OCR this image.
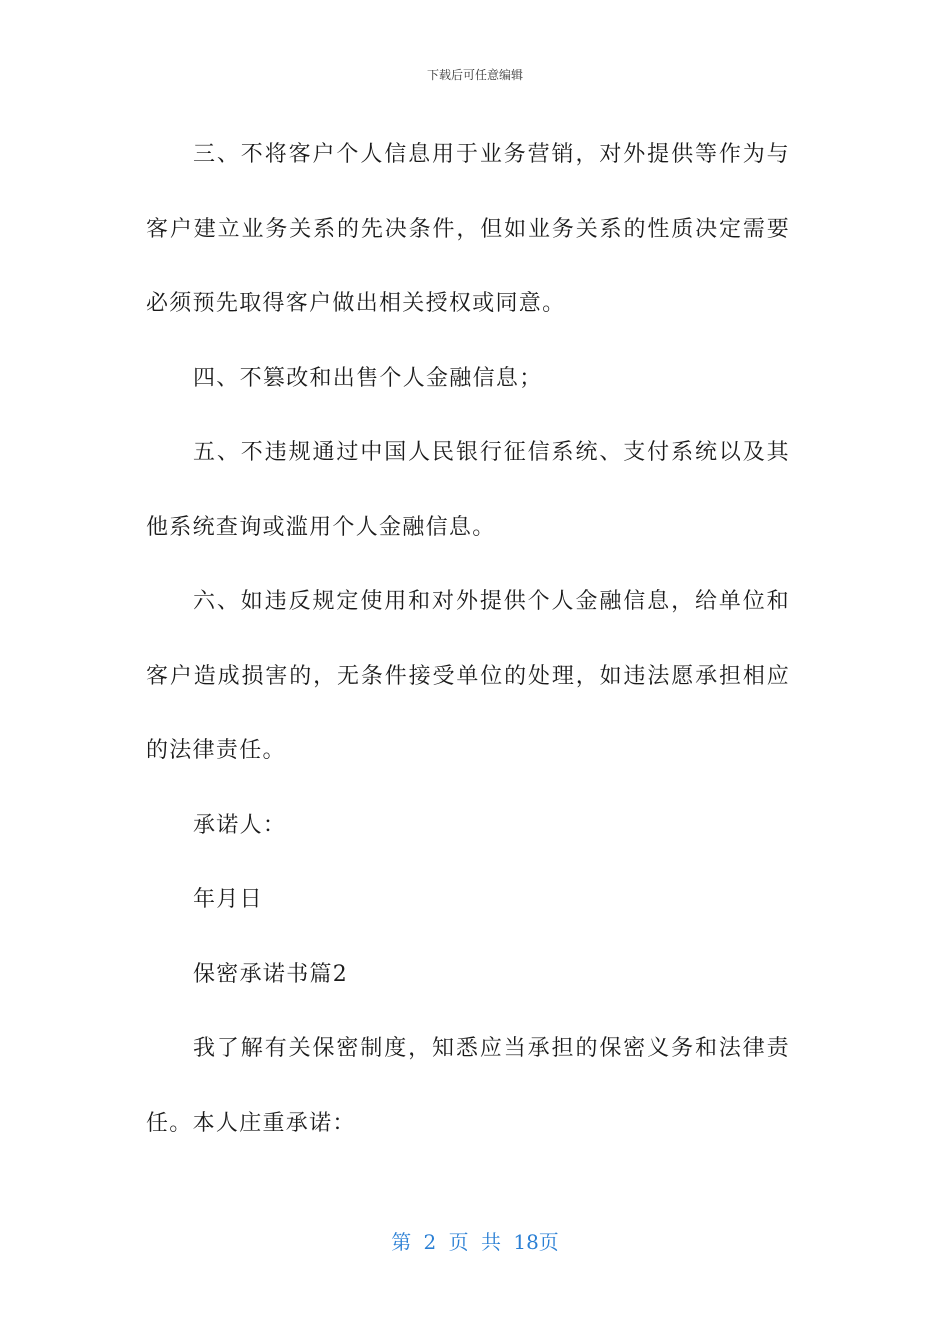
下载后可任意编辑

三、不将客户个人信息用于业务营销，对外提供等作为与客户建立业务关系的先决条件，但如业务关系的性质决定需要必须预先取得客户做出相关授权或同意。

四、不篡改和出售个人金融信息；

五、不违规通过中国人民银行征信系统、支付系统以及其他系统查询或滥用个人金融信息。

六、如违反规定使用和对外提供个人金融信息，给单位和客户造成损害的，无条件接受单位的处理，如违法愿承担相应的法律责任。

承诺人：

年月日

保密承诺书篇2

我了解有关保密制度，知悉应当承担的保密义务和法律责任。本人庄重承诺：

第 2 页 共 18页
